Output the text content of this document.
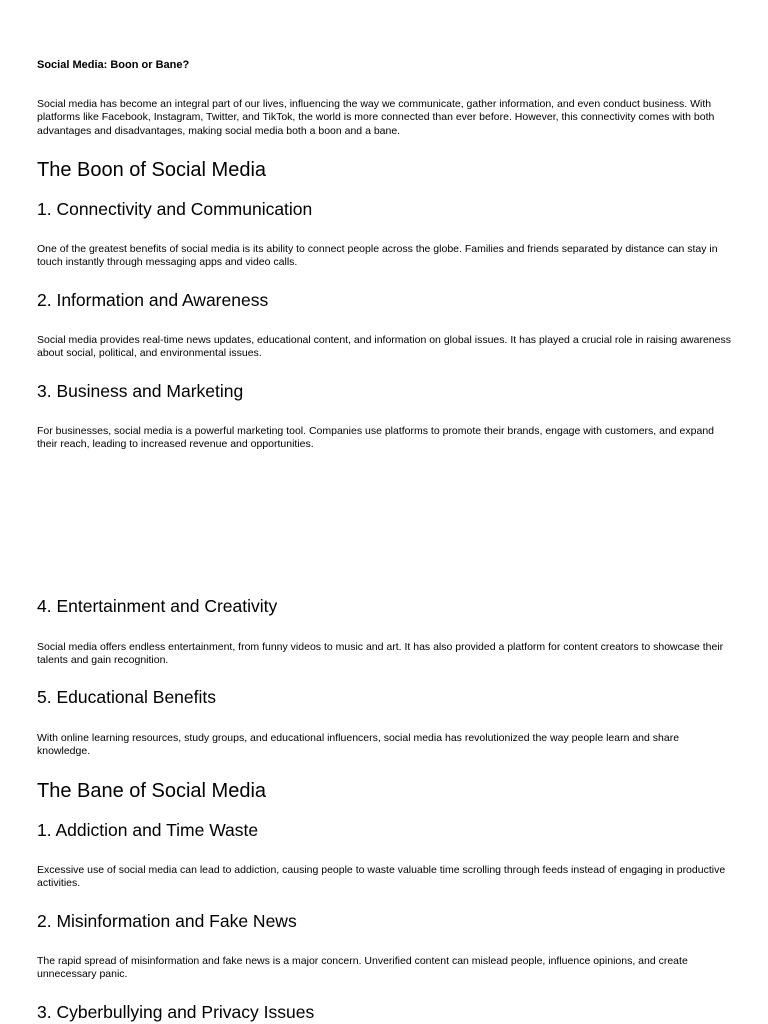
Social Media: Boon or Bane?

Social media has become an integral part of our lives, influencing the way we communicate, gather information, and even conduct business. With platforms like Facebook, Instagram, Twitter, and TikTok, the world is more connected than ever before. However, this connectivity comes with both advantages and disadvantages, making social media both a boon and a bane.

The Boon of Social Media
1. Connectivity and Communication

One of the greatest benefits of social media is its ability to connect people across the globe. Families and friends separated by distance can stay in touch instantly through messaging apps and video calls.

2. Information and Awareness

Social media provides real-time news updates, educational content, and information on global issues. It has played a crucial role in raising awareness about social, political, and environmental issues.

3. Business and Marketing

For businesses, social media is a powerful marketing tool. Companies use platforms to promote their brands, engage with customers, and expand their reach, leading to increased revenue and opportunities.

4. Entertainment and Creativity

Social media offers endless entertainment, from funny videos to music and art. It has also provided a platform for content creators to showcase their talents and gain recognition.

5. Educational Benefits

With online learning resources, study groups, and educational influencers, social media has revolutionized the way people learn and share knowledge.

The Bane of Social Media
1. Addiction and Time Waste

Excessive use of social media can lead to addiction, causing people to waste valuable time scrolling through feeds instead of engaging in productive activities.

2. Misinformation and Fake News

The rapid spread of misinformation and fake news is a major concern. Unverified content can mislead people, influence opinions, and create unnecessary panic.

3. Cyberbullying and Privacy Issues
